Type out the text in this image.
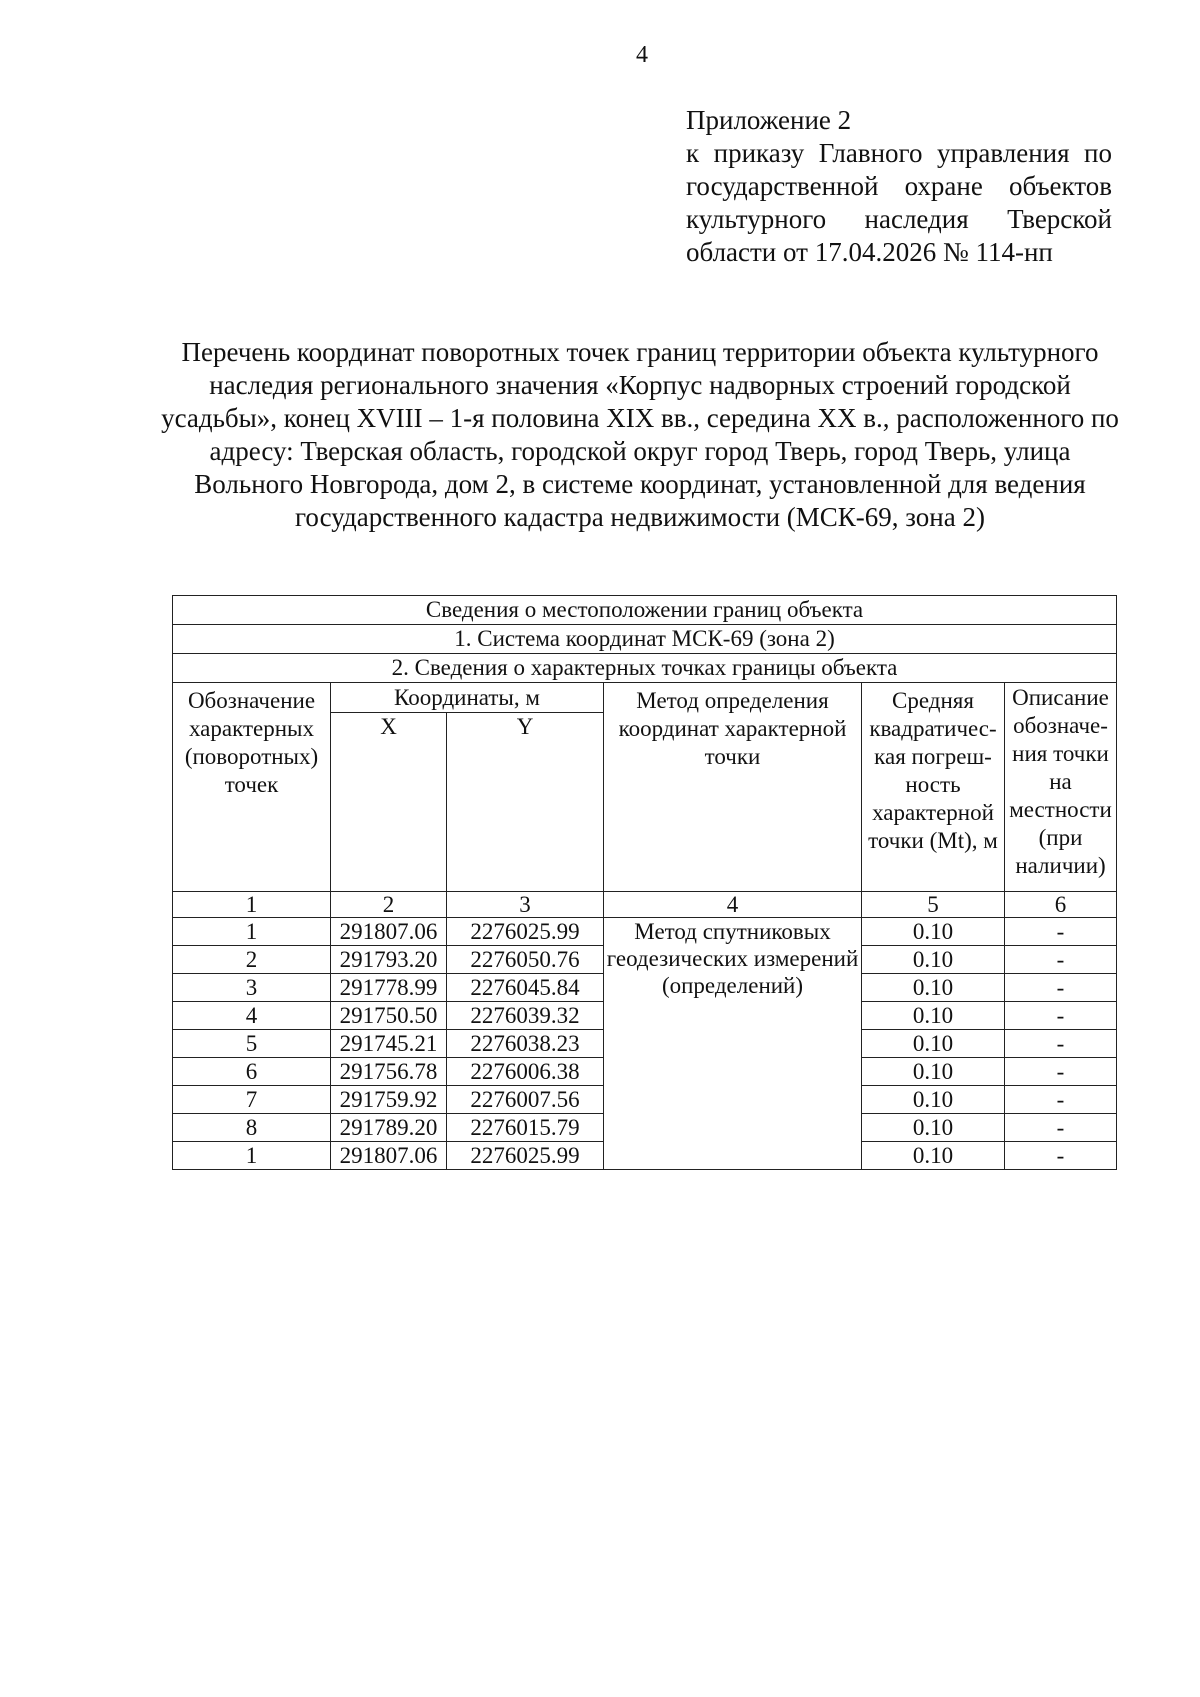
4
Приложение 2
к приказу Главного управления по государственной охране объектов культурного наследия Тверской области от 17.04.2026 № 114-нп
Перечень координат поворотных точек границ территории объекта культурного наследия регионального значения «Корпус надворных строений городской усадьбы», конец XVIII – 1-я половина XIX вв., середина XX в., расположенного по адресу: Тверская область, городской округ город Тверь, город Тверь, улица Вольного Новгорода, дом 2, в системе координат, установленной для ведения государственного кадастра недвижимости (МСК-69, зона 2)
Сведения о местоположении границ объекта					
1. Система координат МСК-69 (зона 2)					
2. Сведения о характерных точках границы объекта					
Обозначение характерных (поворотных) точек	Координаты, м		Метод определения координат характерной точки	Средняя квадратичес-кая погреш-ность характерной точки (Mt), м	Описание обозначе-ния точки на местности (при наличии)
	X	Y			
1	2	3	4	5	6
1	291807.06	2276025.99	Метод спутниковых геодезических измерений (определений)	0.10	-
2	291793.20	2276050.76		0.10	-
3	291778.99	2276045.84		0.10	-
4	291750.50	2276039.32		0.10	-
5	291745.21	2276038.23		0.10	-
6	291756.78	2276006.38		0.10	-
7	291759.92	2276007.56		0.10	-
8	291789.20	2276015.79		0.10	-
1	291807.06	2276025.99		0.10	-
